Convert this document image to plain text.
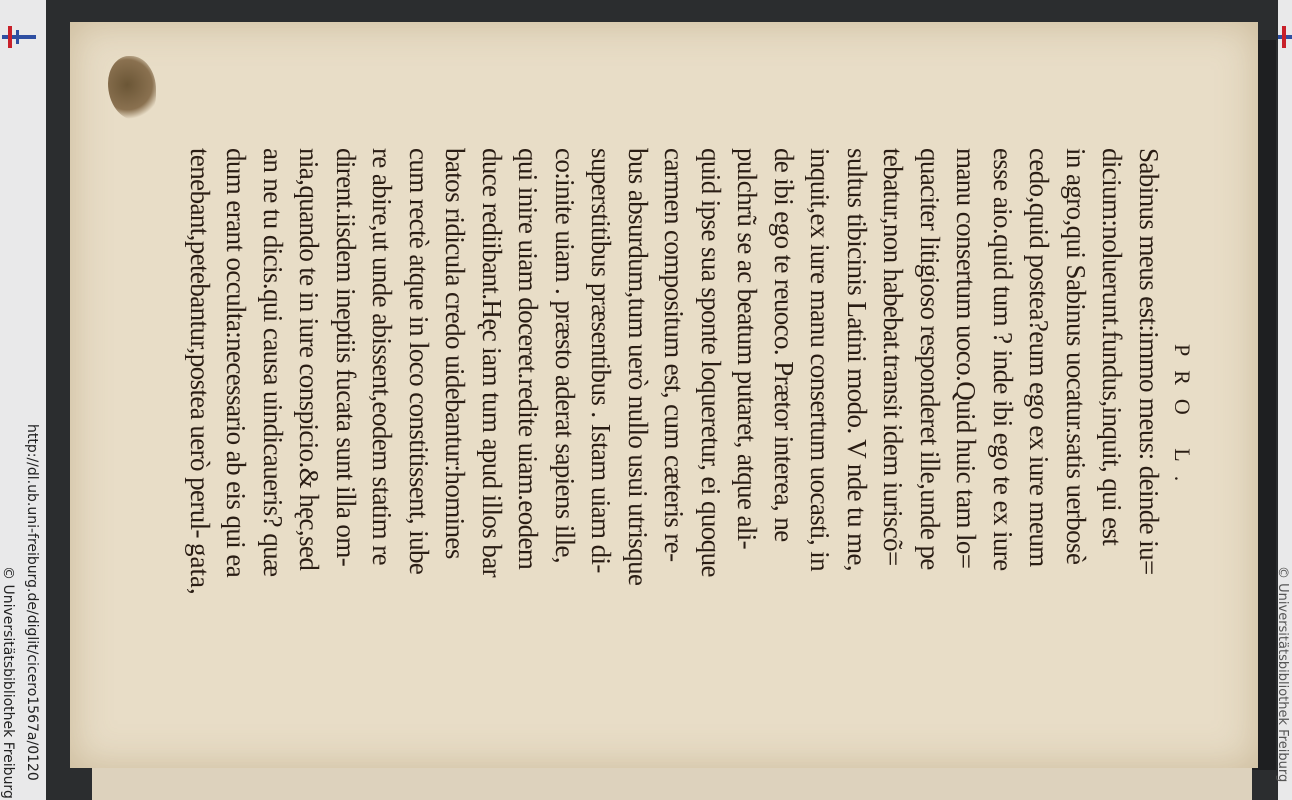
http://dl.ub.uni-freiburg.de/diglit/cicero1567a/0120
© Universitätsbibliothek Freiburg
PRO L.
Sabinus meus est:immo meus: deinde iu=
dicium:noluerunt.fundus,inquit, qui est
in agro,qui Sabinus uocatur.satis uerbosè
cedo,quid postea?eum ego ex iure meum
esse aio.quid tum ? inde ibi ego te ex iure
manu consertum uoco.Quid huic tam lo=
quaciter litigioso responderet ille,unde pe
tebatur,non habebat.transit idem iuriscõ=
sultus tibicinis Latini modo. V nde tu me,
inquit,ex iure manu consertum uocasti, in
de ibi ego te reuoco. Prætor interea, ne
pulchrũ se ac beatum putaret, atque ali-
quid ipse sua sponte loqueretur, ei quoque
carmen compositum est, cum cæteris re-
bus absurdum,tum uerò nullo usui utrisque
superstitibus præsentibus . Istam uiam di-
co:inite uiam . præsto aderat sapiens ille,
qui inire uiam doceret.redite uiam.eodem
duce rediibant.Hęc iam tum apud illos bar
batos ridicula credo uidebantur:homines
cum rectè atque in loco constitissent, iube
re abire,ut unde abissent,eodem statim re
dirent.iisdem ineptiis fucata sunt illa om-
nia,quando te in iure conspicio.& hęc,sed
an ne tu dicis.qui causa uindicaueris? quæ
dum erant occulta:necessario ab eis qui ea
tenebant,petebantur,postea uerò perul-
gata,	© Universitätsbibliothek Freiburg
